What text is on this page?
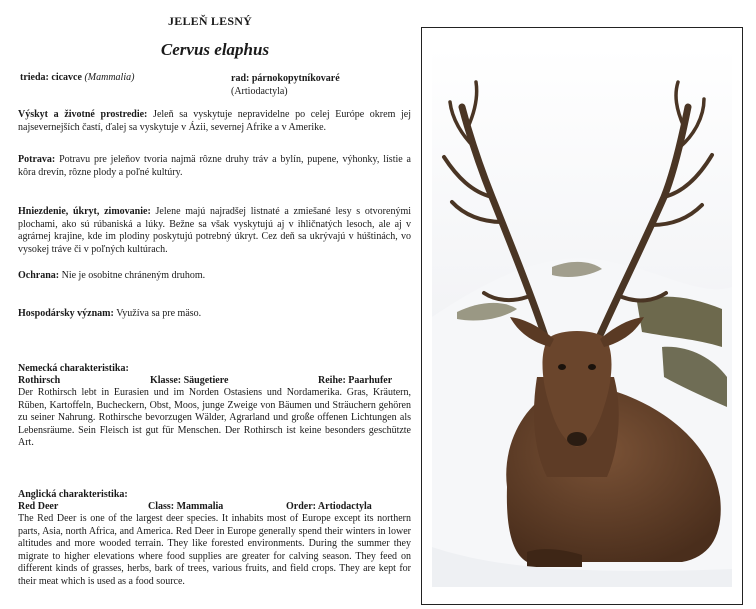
JELEŇ LESNÝ
Cervus elaphus
trieda: cicavce (Mammalia)	rad: párnokopytníkovaré
(Artiodactyla)
Výskyt a životné prostredie: Jeleň sa vyskytuje nepravidelne po celej Európe okrem jej najsevernejších častí, ďalej sa vyskytuje v Ázii, severnej Afrike a v Amerike.
Potrava: Potravu pre jeleňov tvoria najmä rôzne druhy tráv a bylín, pupene, výhonky, lístie a kôra drevín, rôzne plody a poľné kultúry.
Hniezdenie, úkryt, zimovanie: Jelene majú najradšej listnaté a zmiešané lesy s otvorenými plochami, ako sú rúbaniská a lúky. Bežne sa však vyskytujú aj v ihličnatých lesoch, ale aj v agrárnej krajine, kde im plodiny poskytujú potrebný úkryt. Cez deň sa ukrývajú v húštinách, vo vysokej tráve či v poľných kultúrach.
Ochrana: Nie je osobitne chráneným druhom.
Hospodársky význam: Využíva sa pre mäso.
Nemecká charakteristika:
Rothirsch	Klasse: Säugetiere	Reihe: Paarhufer
Der Rothirsch lebt in Eurasien und im Norden Ostasiens und Nordamerika. Gras, Kräutern, Rüben, Kartoffeln, Bucheckern, Obst, Moos, junge Zweige von Bäumen und Sträuchern gehören zu seiner Nahrung. Rothirsche bevorzugen Wälder, Agrarland und große offenen Lichtungen als Lebensräume. Sein Fleisch ist gut für Menschen. Der Rothirsch ist keine besonders geschützte Art.
Anglická charakteristika:
Red Deer	Class: Mammalia	Order: Artiodactyla
The Red Deer is one of the largest deer species. It inhabits most of Europe except its northern parts, Asia, north Africa, and America. Red Deer in Europe generally spend their winters in lower altitudes and more wooded terrain. They like forested environments. During the summer they migrate to higher elevations where food supplies are greater for calving season. They feed on different kinds of grasses, herbs, bark of trees, various fruits, and field crops. They are kept for their meat which is used as a food source.
